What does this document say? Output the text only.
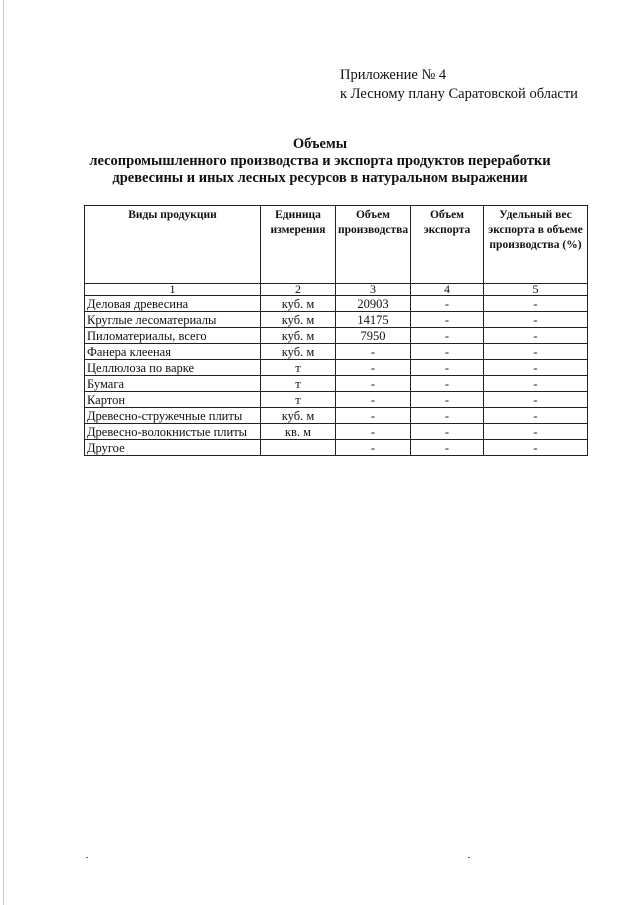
Приложение № 4
к Лесному плану Саратовской области
Объемы
лесопромышленного производства и экспорта продуктов переработки
древесины и иных лесных ресурсов в натуральном выражении
Виды продукции	Единица измерения	Объем производства	Объем экспорта	Удельный вес экспорта в объеме производства (%)
1	2	3	4	5
Деловая древесина	куб. м	20903	-	-
Круглые лесоматериалы	куб. м	14175	-	-
Пиломатериалы, всего	куб. м	7950	-	-
Фанера клееная	куб. м	-	-	-
Целлюлоза по варке	т	-	-	-
Бумага	т	-	-	-
Картон	т	-	-	-
Древесно-стружечные плиты	куб. м	-	-	-
Древесно-волокнистые плиты	кв. м	-	-	-
Другое		-	-	-
